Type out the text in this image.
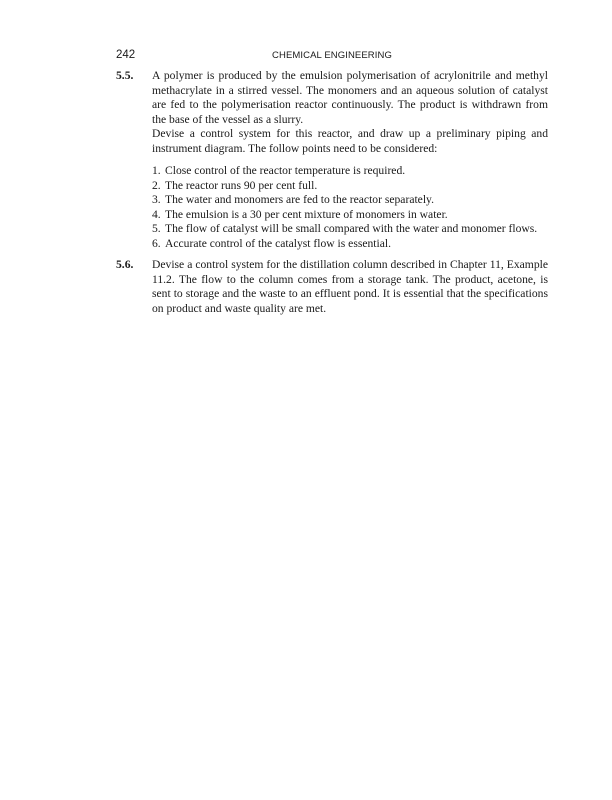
242	CHEMICAL ENGINEERING
5.5. A polymer is produced by the emulsion polymerisation of acrylonitrile and methyl methacrylate in a stirred vessel. The monomers and an aqueous solution of catalyst are fed to the polymerisation reactor continuously. The product is withdrawn from the base of the vessel as a slurry.

Devise a control system for this reactor, and draw up a preliminary piping and instrument diagram. The follow points need to be considered:

1. Close control of the reactor temperature is required.
2. The reactor runs 90 per cent full.
3. The water and monomers are fed to the reactor separately.
4. The emulsion is a 30 per cent mixture of monomers in water.
5. The flow of catalyst will be small compared with the water and monomer flows.
6. Accurate control of the catalyst flow is essential.
5.6. Devise a control system for the distillation column described in Chapter 11, Example 11.2. The flow to the column comes from a storage tank. The product, acetone, is sent to storage and the waste to an effluent pond. It is essential that the specifications on product and waste quality are met.
